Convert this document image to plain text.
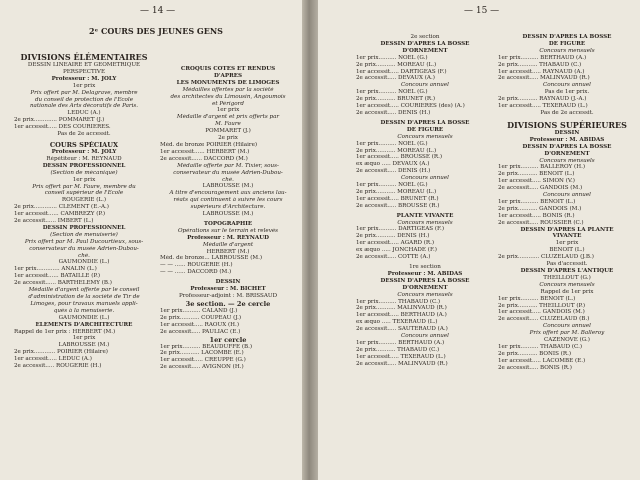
— 14 —
2ᵉ COURS DES JEUNES GENS
DIVISIONS ÉLÉMENTAIRES
DESSIN LINÉAIRE ET GÉOMÉTRIQUE
PERSPECTIVE
Professeur : M. JOLY
1er prix
Prix offert par M. Delagrave, membre
du conseil de protection de l'École
nationale des Arts décoratifs de Paris.
LEDUC (A.)
2e prix............. POMMARET (J.)
1er accessit..... DES COURIÈRES.
Pas de 2e accessit.
COURS SPÉCIAUX
Professeur : M. JOLY
Répétiteur : M. REYNAUD
DESSIN PROFESSIONNEL
(Section de mécanique)
1er prix
Prix offert par M. Faure, membre du
conseil supérieur de l'École
ROUGERIE (L.)
2e prix............. CLÉMENT (E.-A.)
1er accessit...... CAMBREZY (P.)
2e accessit...... IMBERT (L.)
DESSIN PROFESSIONNEL
(Section de menuiserie)
Prix offert par M. Paul Ducourtieux, sous-
conservateur du musée Adrien-Dubou-
ché.
GAUMONDIE (L.)
1er prix............. ANALIN (L.)
1er accessit...... BATAILLE (P.)
2e accessit...... BARTHÉLEMY (B.)
Médaille d'argent offerte par le conseil
d'administration de la société de Tir de
Limoges, pour travaux manuels appli-
qués à la menuiserie.
GAUMONDIE (L.)
ÉLÉMENTS D'ARCHITECTURE
Rappel de 1er prix : HERBERT (M.)
1er prix
LABROUSSE (M.)
2e prix............ POIRIER (Hilaire)
1er accessit..... LEDUC (A.)
2e accessit..... ROUGERIE (H.)
CROQUIS COTÉS ET RENDUS
D'APRÈS
LES MONUMENTS DE LIMOGES
Médailles offertes par la société
des architectes du Limousin, Angoumois
et Périgord
1er prix
Médaille d'argent et prix offerts par
M. Faure
POMMARET (J.)
2e prix
Méd. de bronze POIRIER (Hilaire)
1er accessit...... HERBERT (M.)
2e accessit...... DACCORD (M.)
Médaille offerte par M. Tixier, sous-
conservateur du musée Adrien-Dubou-
ché.
LABROUSSE (M.)
A titre d'encouragement aux anciens lau-
réats qui continuent à suivre les cours
supérieurs d'Architecture.
LABROUSSE (M.)
TOPOGRAPHIE
Opérations sur le terrain et relevés
Professeur : M. REYNAUD
Médaille d'argent
HERBERT (M.)
Méd. de bronze... LABROUSSE (M.)
— — ...... ROUGERIE (H.)
— — ...... DACCORD (M.)
DESSIN
Professeur : M. BICHET
Professeur-adjoint : M. BRISSAUD
3e section. — 2e cercle
1er prix.......... CALAND (J.)
2e prix........... COUPEAU (J.)
1er accessit..... RAOUX (H.)
2e accessit..... PAULIAC (E.)
1er cercle
1er prix.......... BEAUDUFFE (B.)
2e prix........... LACOMBE (E.)
1er accessit..... CREUPPE (G.)
2e accessit..... AVIGNON (H.)
— 15 —
2e section
DESSIN D'APRÈS LA BOSSE
D'ORNEMENT
1er prix.......... NOEL (G.)
2e prix........... MOREAU (L.)
1er accessit..... DARTIGEAS (F.)
2e accessit..... DEVAUX (A.)
Concours annuel
1er prix.......... NOEL (G.)
2e prix........... BRUNET (R.)
1er accessit..... COURIÈRES (des) (A.)
2e accessit..... DENIS (H.)
DESSIN D'APRÈS LA BOSSE
DE FIGURE
Concours mensuels
1er prix.......... NOEL (G.)
2e prix........... MOREAU (L.)
1er accessit..... BROUSSE (R.)
ex æquo ..... DEVAUX (A.)
2e accessit..... DENIS (H.)
Concours annuel
1er prix.......... NOEL (G.)
2e prix........... MOREAU (L.)
1er accessit..... BRUNET (R.)
2e accessit..... BROUSSE (R.)
PLANTE VIVANTE
Concours mensuels
1er prix.......... DARTIGEAS (F.)
2e prix........... DENIS (H.)
1er accessit..... AGARD (R.)
ex æquo ..... JONCHADE (F.)
2e accessit..... COTTE (A.)
1re section
Professeur : M. ABIDAS
DESSIN D'APRÈS LA BOSSE
D'ORNEMENT
Concours mensuels
1er prix.......... THABAUD (C.)
2e prix........... MALINVAUD (R.)
1er accessit..... BERTHAUD (A.)
ex æquo ..... TEXERAUD (L.)
2e accessit..... SAUTERAUD (A.)
Concours annuel
1er prix.......... BERTHAUD (A.)
2e prix........... THABAUD (C.)
1er accessit..... TEXERAUD (L.)
2e accessit..... MALINVAUD (R.)
DESSIN D'APRÈS LA BOSSE
DE FIGURE
Concours mensuels
1er prix.......... BERTHAUD (A.)
2e prix........... THABAUD (C.)
1er accessit..... RAYNAUD (A.)
2e accessit..... MALINVAUD (R.)
Concours annuel
Pas de 1er prix.
2e prix........... RAYNAUD (J.-A.)
1er accessit..... TEXERAUD (L.)
Pas de 2e accessit.
DIVISIONS SUPÉRIEURES
DESSIN
Professeur : M. ABIDAS
DESSIN D'APRÈS LA BOSSE
D'ORNEMENT
Concours mensuels
1er prix.......... BALLEROY (H.)
2e prix........... BENOIT (L.)
1er accessit..... SIMON (V.)
2e accessit..... GANDOIS (M.)
Concours annuel
1er prix.......... BENOIT (L.)
2e prix........... GANDOIS (M.)
1er accessit..... BONIS (R.)
2e accessit..... ROUSSIER (C.)
DESSIN D'APRÈS LA PLANTE
VIVANTE
1er prix
BENOIT (L.)
2e prix............ CLUZELAUD (J.B.)
Pas d'accessit.
DESSIN D'APRÈS L'ANTIQUE
THEILLOUT (G.)
Concours mensuels
Rappel de 1er prix
1er prix.......... BENOIT (L.)
2e prix........... THEILLOUT (P.)
1er accessit..... GANDOIS (M.)
2e accessit..... CLUZELAUD (B.)
Concours annuel
Prix offert par M. Balleroy
CAZENOVE (G.)
1er prix.......... THABAUD (C.)
2e prix........... BONIS (R.)
1er accessit..... LACOMBE (E.)
2e accessit..... BONIS (R.)
